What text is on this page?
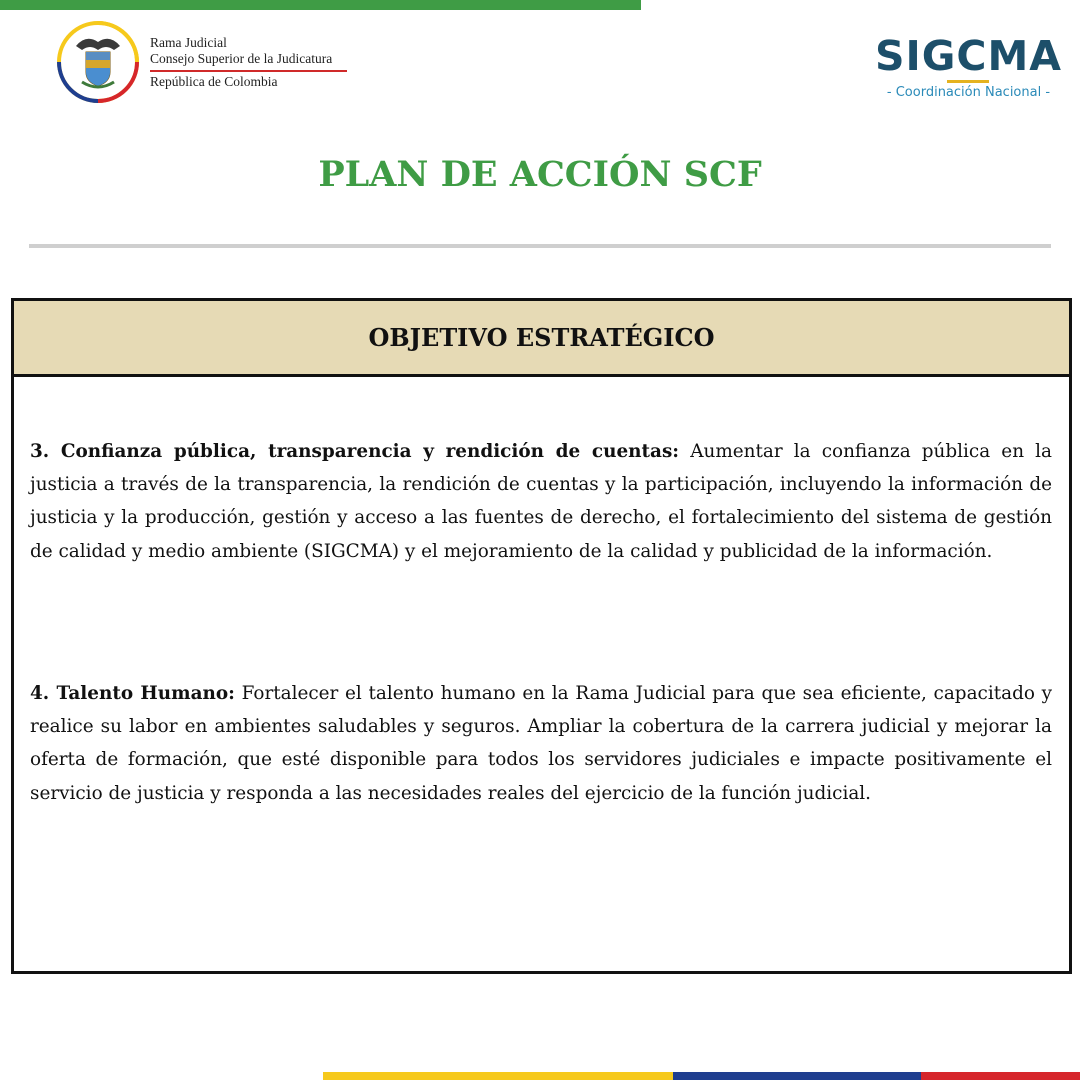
Rama Judicial
Consejo Superior de la Judicatura
República de Colombia
SIGCMA
- Coordinación Nacional -
PLAN DE ACCIÓN SCF
OBJETIVO ESTRATÉGICO
3. Confianza pública, transparencia y rendición de cuentas: Aumentar la confianza pública en la justicia a través de la transparencia, la rendición de cuentas y la participación, incluyendo la información de justicia y la producción, gestión y acceso a las fuentes de derecho, el fortalecimiento del sistema de gestión de calidad y medio ambiente (SIGCMA) y el mejoramiento de la calidad y publicidad de la información.
4. Talento Humano: Fortalecer el talento humano en la Rama Judicial para que sea eficiente, capacitado y realice su labor en ambientes saludables y seguros. Ampliar la cobertura de la carrera judicial y mejorar la oferta de formación, que esté disponible para todos los servidores judiciales e impacte positivamente el servicio de justicia y responda a las necesidades reales del ejercicio de la función judicial.
